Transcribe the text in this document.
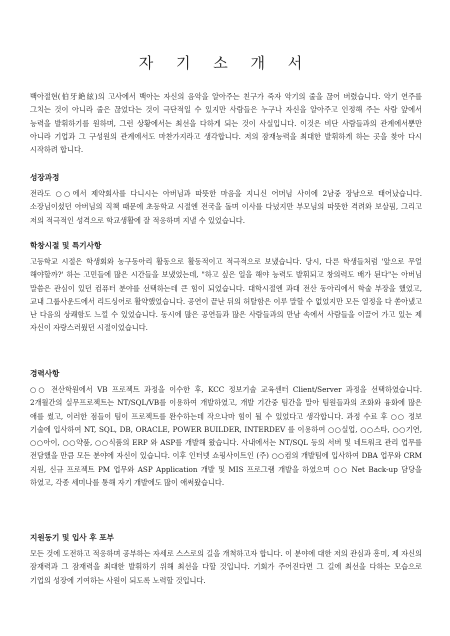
자 기 소 개 서

백아절현(伯牙絶絃)의 고사에서 백아는 자신의 음악을 알아주는 친구가 죽자 악기의 줄을 끊어 버렸습니다. 악기 연주를 그치는 것이 아니라 줄은 끊었다는 것이 극단적일 수 있지만 사람들은 누구나 자신을 알아주고 인정해 주는 사람 앞에서 능력을 발휘하기를 원하며, 그런 상황에서는 최선을 다하게 되는 것이 사실입니다. 이것은 비단 사람들과의 관계에서뿐만 아니라 기업과 그 구성원의 관계에서도 마찬가지라고 생각합니다. 저의 잠재능력을 최대한 발휘하게 하는 곳을 찾아 다시 시작하려 합니다.

성장과정

전라도 ○○에서 제약회사를 다니시는 아버님과 따뜻한 마음을 지니신 어머님 사이에 2남중 장남으로 태어났습니다. 소장님이셨던 아버님의 직책 때문에 초등학교 시절엔 전국을 돌며 이사를 다녔지만 부모님의 따뜻한 격려와 보살핌, 그리고 저의 적극적인 성격으로 학교생활에 잘 적응하며 지낼 수 있었습니다.

학창시절 및 특기사항

고등학교 시절은 학생회와 농구동아리 활동으로 활동적이고 적극적으로 보냈습니다. 당시, 다른 학생들처럼 '앞으로 무얼 해야할까?' 하는 고민들에 많은 시간들을 보냈었는데, "하고 싶은 일을 해야 능력도 발휘되고 창의력도 배가 된다"는 아버님 말씀은 관심이 있던 컴퓨터 분야를 선택하는데 큰 힘이 되었습니다. 대학시절엔 과대 전산 동아리에서 학술 부장을 했었고, 교내 그룹사운드에서 리드싱어로 활약했었습니다. 공연이 끝난 뒤의 허탈함은 이루 말할 수 없었지만 모든 열정을 다 쏟아냈고 난 다음의 상쾌함도 느낄 수 있었습니다. 동시에 많은 공연들과 많은 사람들과의 만남 속에서 사람들을 이끌어 가고 있는 제 자신이 자랑스러웠던 시절이었습니다.

경력사항

○○ 전산학원에서 VB 프로젝트 과정을 이수한 후, KCC 정보기술 교육센터 Client/Server 과정을 선택하였습니다. 2개월간의 실무프로젝트는 NT/SQL/VB를 이용하여 개발하였고, 개발 기간중 팀간을 말아 팀원들과의 조화와 융화에 많은 애를 썼고, 이러한 점들이 팀이 프로젝트를 완수하는데 작으나마 힘이 될 수 있었다고 생각합니다. 과정 수료 후 ○○ 정보 기술에 입사하여 NT, SQL, DB, ORACLE, POWER BUILDER, INTERDEV 를 이용하여 ○○실업, ○○스타, ○○기연, ○○아이, ○○약품, ○○식품의 ERP 와 ASP를 개발해 왔습니다. 사내에서는 NT/SQL 등의 서버 및 네트워크 관리 업무를 전담했을 만큼 모든 분야에 자신이 있습니다. 이후 인터넷 쇼핑사이트인 (주) ○○컴의 개발팀에 입사하여 DBA 업무와 CRM 지원, 신규 프로젝트 PM 업무와 ASP Application 개발 및 MIS 프로그램 개발을 하였으며 ○○ Net Back-up 담당을 하였고, 각종 세미나를 통해 자기 개발에도 많이 애써왔습니다.

지원동기 및 입사 후 포부

모든 것에 도전하고 적응하며 공부하는 자세로 스스로의 길을 개척하고자 합니다. 이 분야에 대한 저의 관심과 흥미, 제 자신의 잠재력과 그 잠재력을 최대한 발휘하기 위해 최선을 다할 것입니다. 기회가 주어진다면 그 길에 최선을 다하는 모습으로 기업의 성장에 기여하는 사원이 되도록 노력할 것입니다.
